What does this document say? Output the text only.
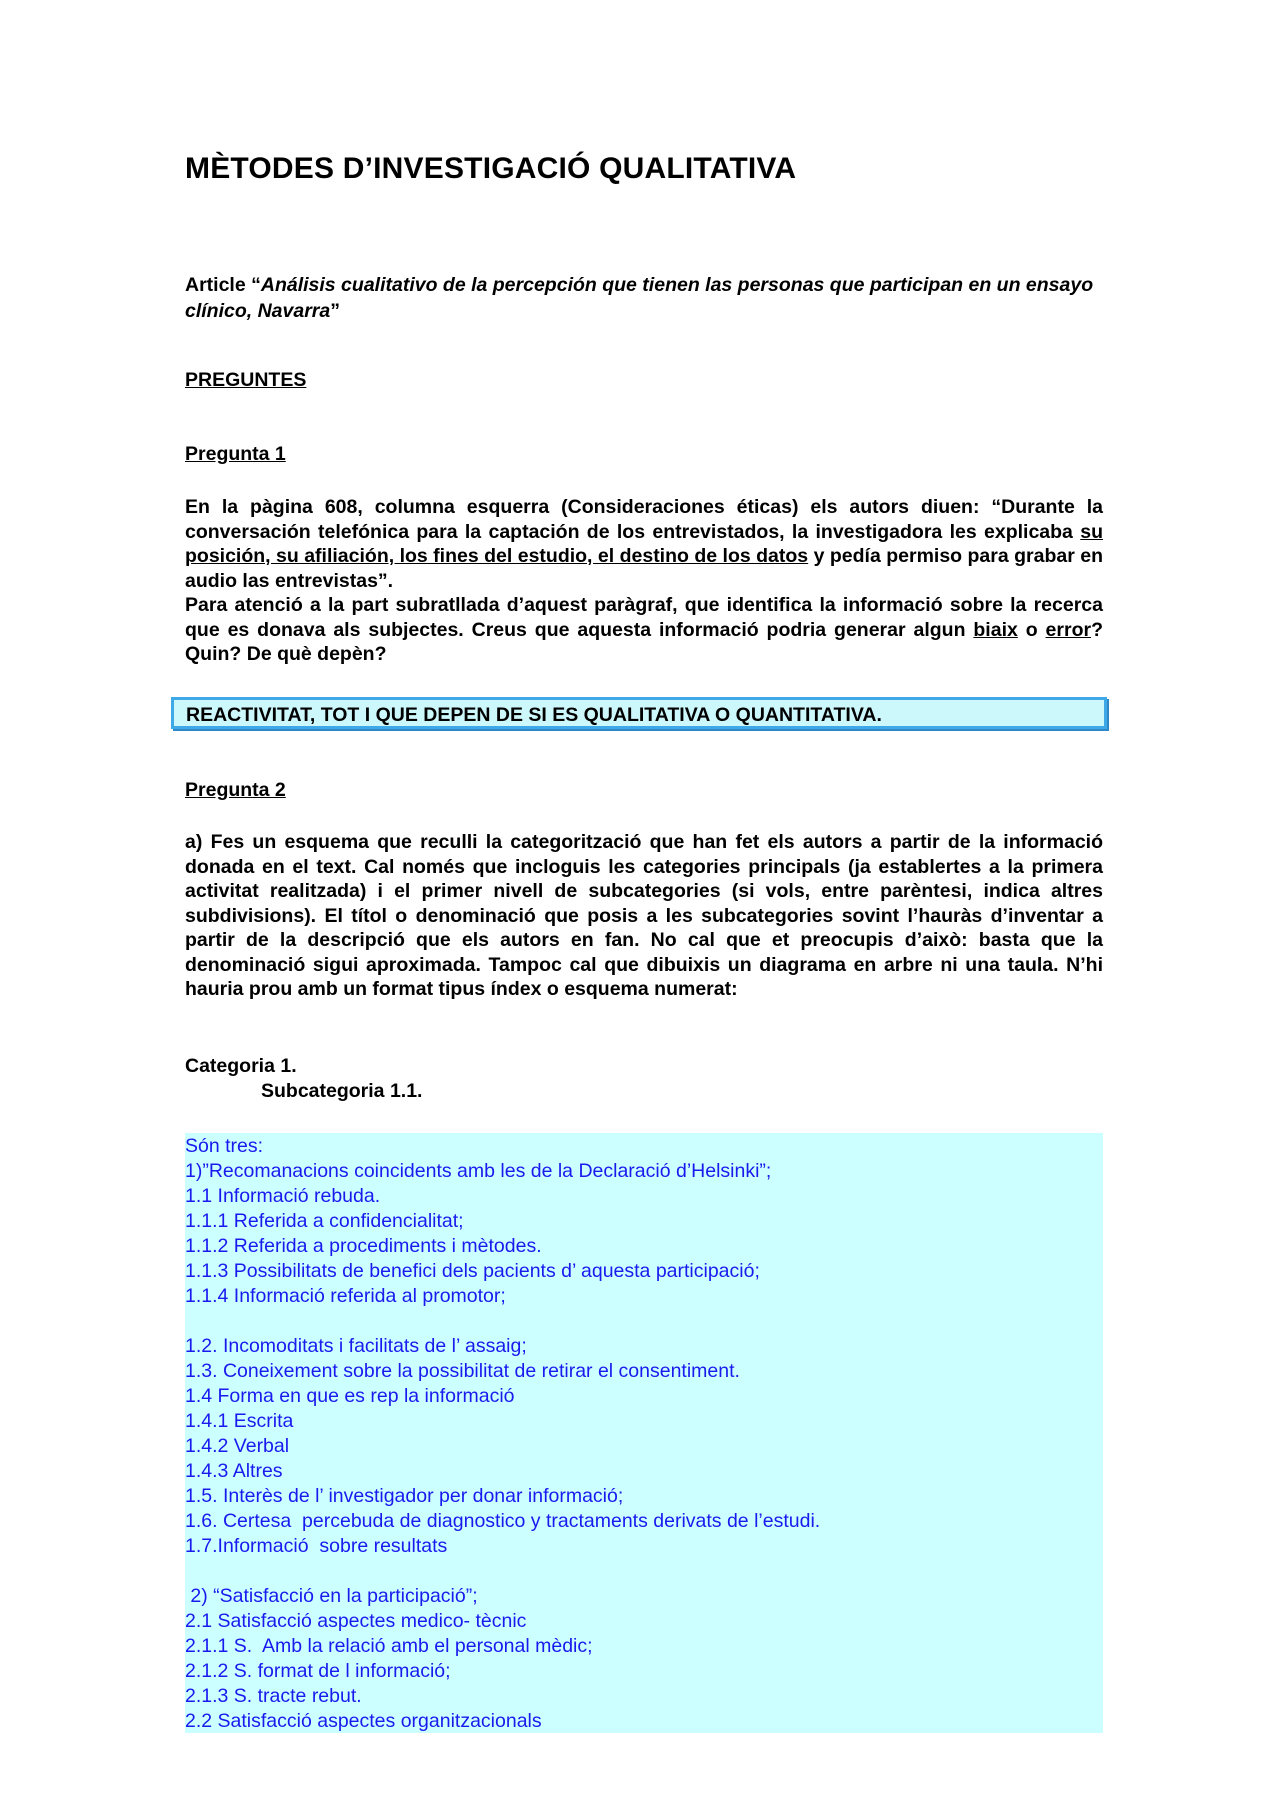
MÈTODES D’INVESTIGACIÓ QUALITATIVA

Article “Análisis cualitativo de la percepción que tienen las personas que participan en un ensayo clínico, Navarra”

PREGUNTES

Pregunta 1

En la pàgina 608, columna esquerra (Consideraciones éticas) els autors diuen: “Durante la conversación telefónica para la captación de los entrevistados, la investigadora les explicaba su posición, su afiliación, los fines del estudio, el destino de los datos y pedía permiso para grabar en audio las entrevistas”.

Para atenció a la part subratllada d’aquest paràgraf, que identifica la informació sobre la recerca que es donava als subjectes. Creus que aquesta informació podria generar algun biaix o error? Quin? De què depèn?

REACTIVITAT, TOT I QUE DEPEN DE SI ES QUALITATIVA O QUANTITATIVA.

Pregunta 2

a) Fes un esquema que reculli la categorització que han fet els autors a partir de la informació donada en el text. Cal només que incloguis les categories principals (ja establertes a la primera activitat realitzada) i el primer nivell de subcategories (si vols, entre parèntesi, indica altres subdivisions). El títol o denominació que posis a les subcategories sovint l’hauràs d’inventar a partir de la descripció que els autors en fan. No cal que et preocupis d’això: basta que la denominació sigui aproximada. Tampoc cal que dibuixis un diagrama en arbre ni una taula. N’hi hauria prou amb un format tipus índex o esquema numerat:

Categoria 1.
Subcategoria 1.1.
Són tres:
1)”Recomanacions coincidents amb les de la Declaració d’Helsinki”;
1.1 Informació rebuda.
1.1.1 Referida a confidencialitat;
1.1.2 Referida a procediments i mètodes.
1.1.3 Possibilitats de benefici dels pacients d’ aquesta participació;
1.1.4 Informació referida al promotor;
1.2. Incomoditats i facilitats de l’ assaig;
1.3. Coneixement sobre la possibilitat de retirar el consentiment.
1.4 Forma en que es rep la informació
1.4.1 Escrita
1.4.2 Verbal
1.4.3 Altres
1.5. Interès de l’ investigador per donar informació;
1.6. Certesa  percebuda de diagnostico y tractaments derivats de l’estudi.
1.7.Informació  sobre resultats
2) “Satisfacció en la participació”;
2.1 Satisfacció aspectes medico- tècnic
2.1.1 S.  Amb la relació amb el personal mèdic;
2.1.2 S. format de l informació;
2.1.3 S. tracte rebut.
2.2 Satisfacció aspectes organitzacionals
